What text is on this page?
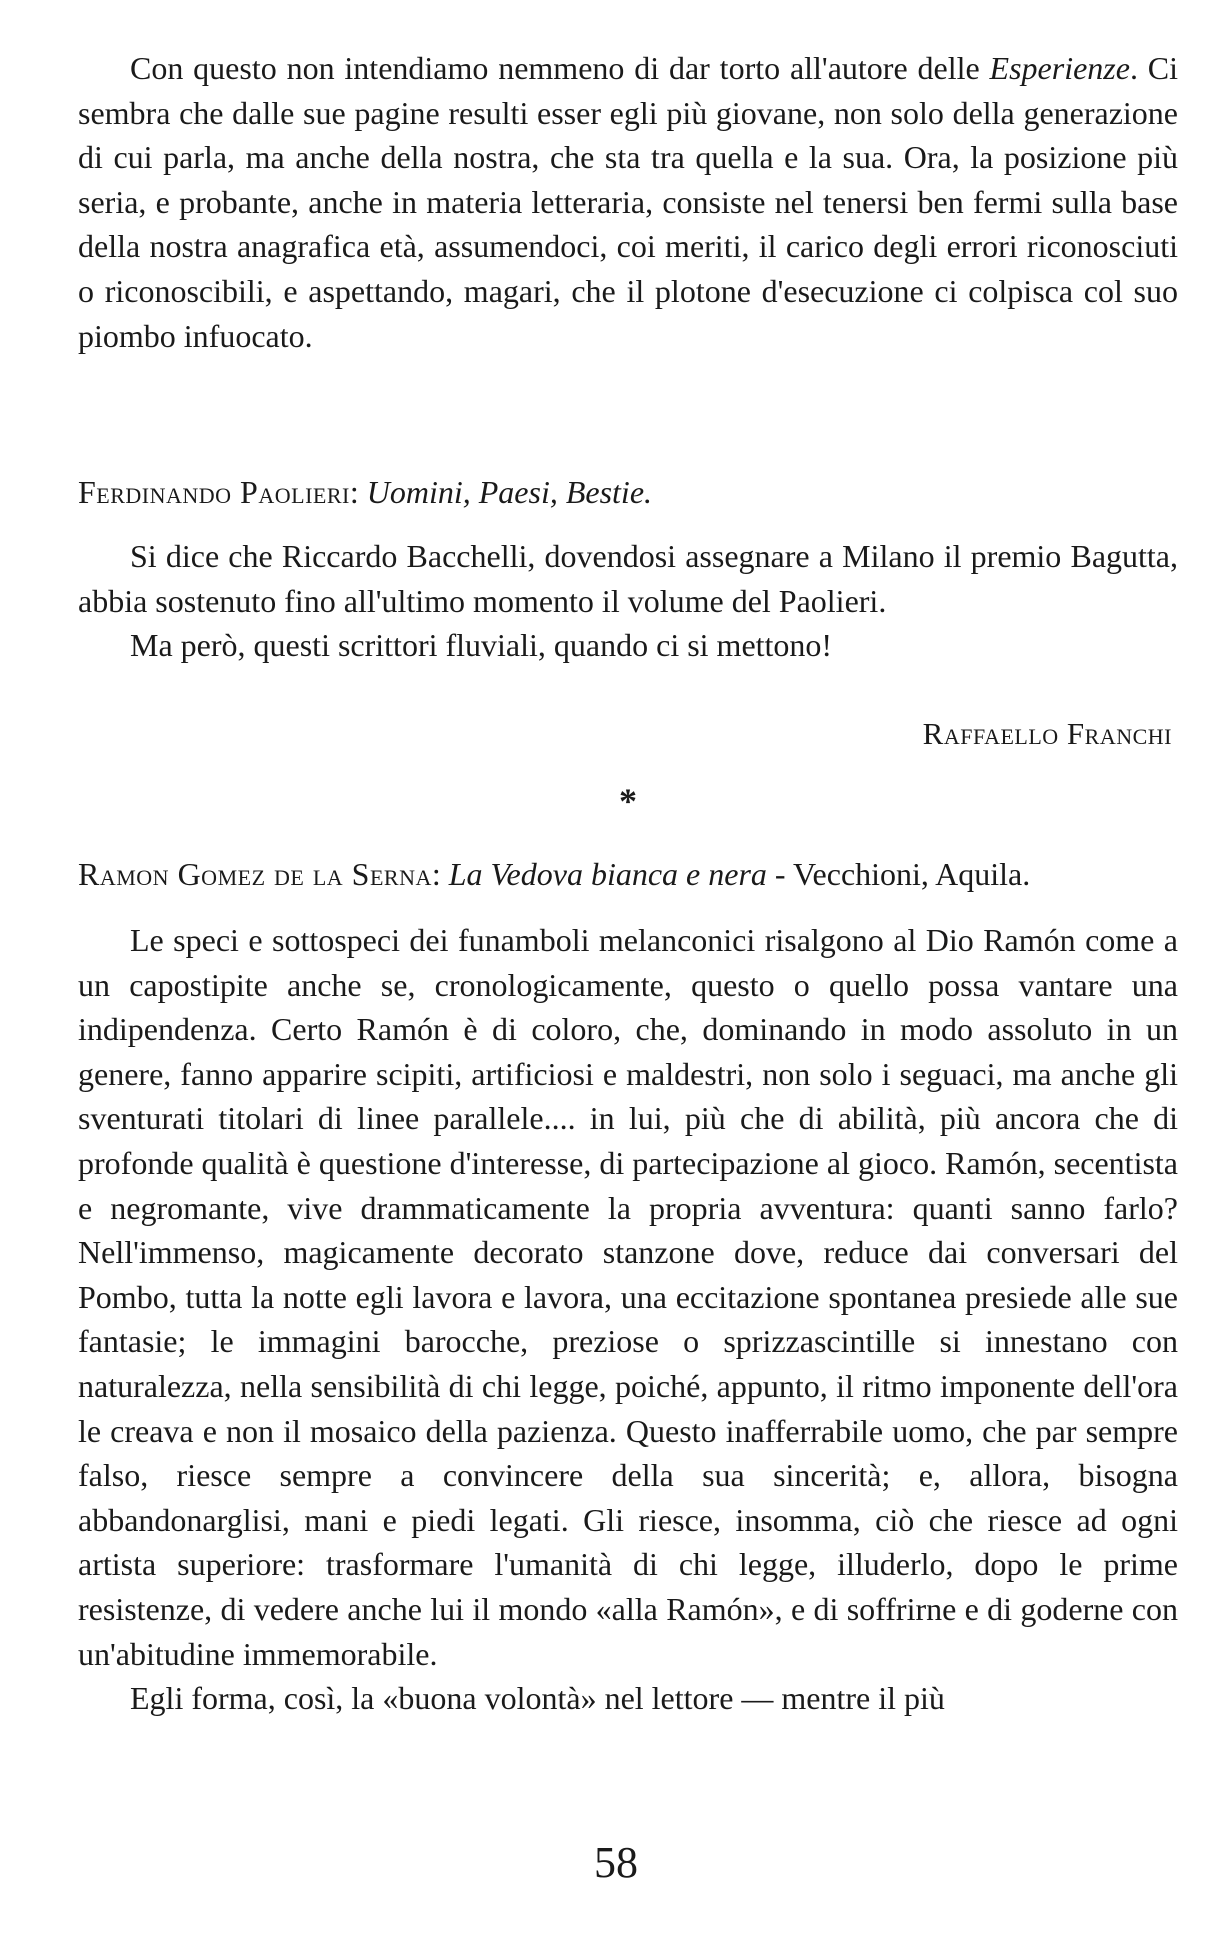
Con questo non intendiamo nemmeno di dar torto all'autore delle Esperienze. Ci sembra che dalle sue pagine resulti esser egli più giovane, non solo della generazione di cui parla, ma anche della nostra, che sta tra quella e la sua. Ora, la posizione più seria, e probante, anche in materia letteraria, consiste nel tenersi ben fermi sulla base della nostra anagrafica età, assumendoci, coi meriti, il carico degli errori riconosciuti o riconoscibili, e aspettando, magari, che il plotone d'esecuzione ci colpisca col suo piombo infuocato.

Ferdinando Paolieri: Uomini, Paesi, Bestie.

Si dice che Riccardo Bacchelli, dovendosi assegnare a Milano il premio Bagutta, abbia sostenuto fino all'ultimo momento il volume del Paolieri.

Ma però, questi scrittori fluviali, quando ci si mettono!

Raffaello Franchi
*
Ramon Gomez de la Serna: La Vedova bianca e nera - Vecchioni, Aquila.

Le speci e sottospeci dei funamboli melanconici risalgono al Dio Ramón come a un capostipite anche se, cronologicamente, questo o quello possa vantare una indipendenza. Certo Ramón è di coloro, che, dominando in modo assoluto in un genere, fanno apparire scipiti, artificiosi e maldestri, non solo i seguaci, ma anche gli sventurati titolari di linee parallele.... in lui, più che di abilità, più ancora che di profonde qualità è questione d'interesse, di partecipazione al gioco. Ramón, secentista e negromante, vive drammaticamente la propria avventura: quanti sanno farlo? Nell'immenso, magicamente decorato stanzone dove, reduce dai conversari del Pombo, tutta la notte egli lavora e lavora, una eccitazione spontanea presiede alle sue fantasie; le immagini barocche, preziose o sprizzascintille si innestano con naturalezza, nella sensibilità di chi legge, poiché, appunto, il ritmo imponente dell'ora le creava e non il mosaico della pazienza. Questo inafferrabile uomo, che par sempre falso, riesce sempre a convincere della sua sincerità; e, allora, bisogna abbandonarglisi, mani e piedi legati. Gli riesce, insomma, ciò che riesce ad ogni artista superiore: trasformare l'umanità di chi legge, illuderlo, dopo le prime resistenze, di vedere anche lui il mondo «alla Ramón», e di soffrirne e di goderne con un'abitudine immemorabile.

Egli forma, così, la «buona volontà» nel lettore — mentre il più

58
